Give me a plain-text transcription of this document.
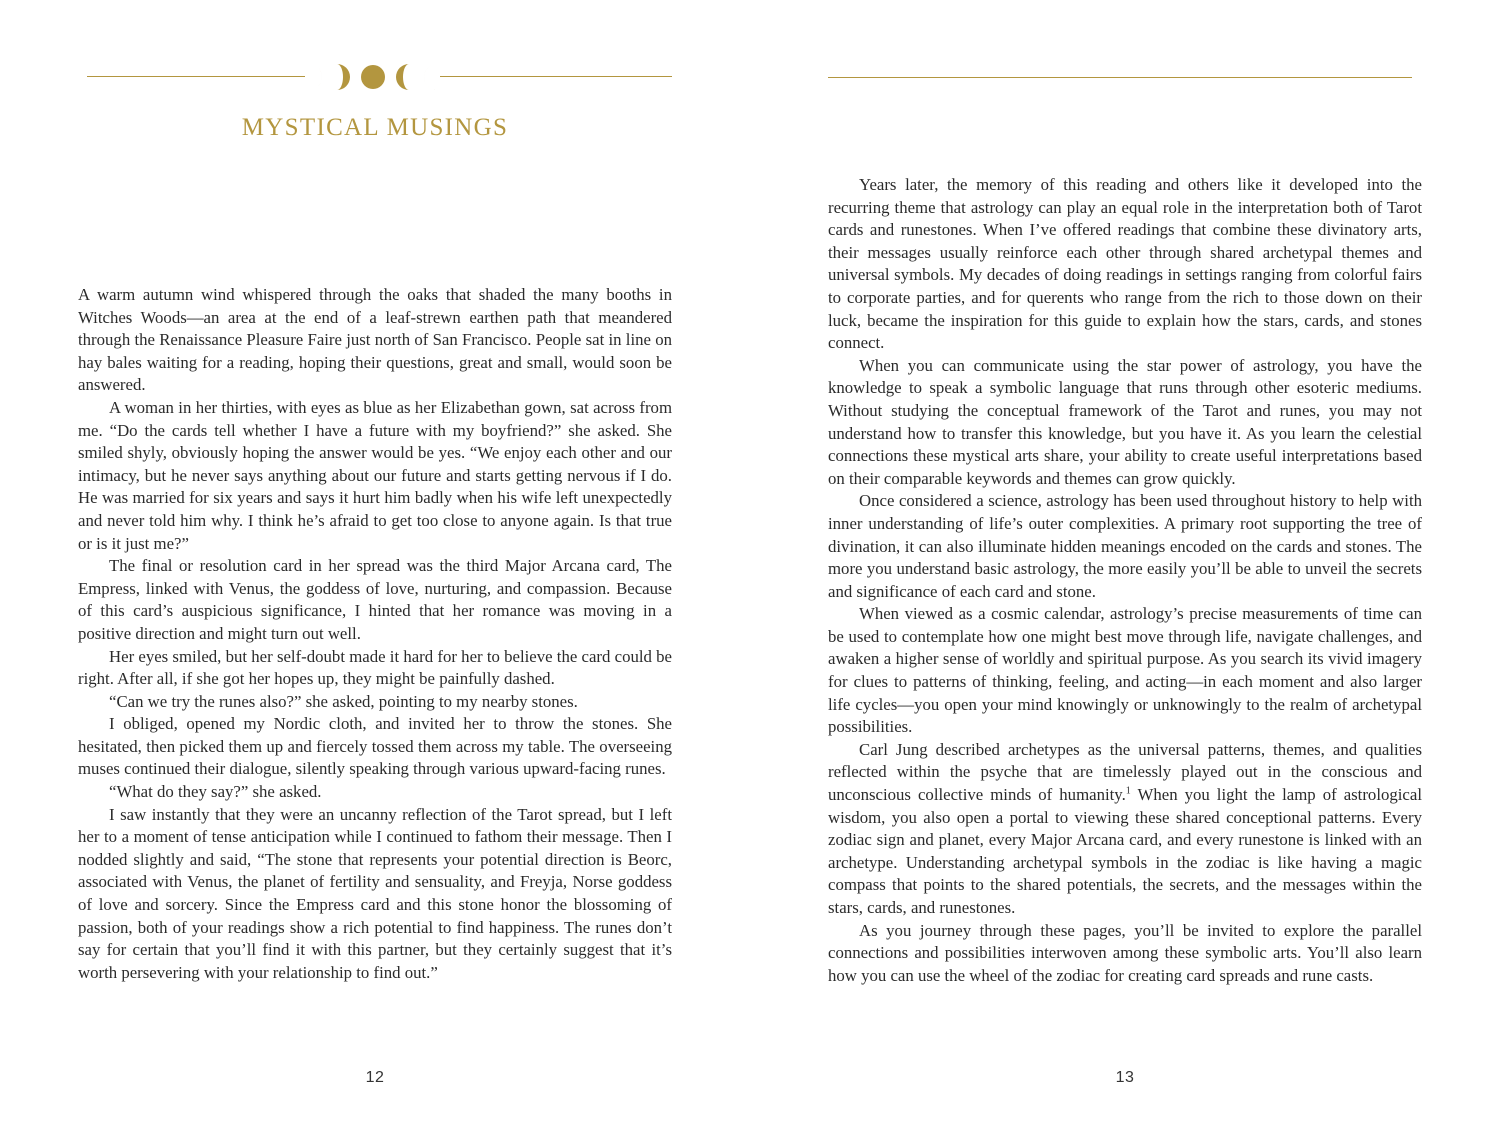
MYSTICAL MUSINGS

A warm autumn wind whispered through the oaks that shaded the many booths in Witches Woods—an area at the end of a leaf-strewn earthen path that meandered through the Renaissance Pleasure Faire just north of San Francisco. People sat in line on hay bales waiting for a reading, hoping their questions, great and small, would soon be answered.

A woman in her thirties, with eyes as blue as her Elizabethan gown, sat across from me. “Do the cards tell whether I have a future with my boyfriend?” she asked. She smiled shyly, obviously hoping the answer would be yes. “We enjoy each other and our intimacy, but he never says anything about our future and starts getting nervous if I do. He was married for six years and says it hurt him badly when his wife left unexpectedly and never told him why. I think he’s afraid to get too close to anyone again. Is that true or is it just me?”

The final or resolution card in her spread was the third Major Arcana card, The Empress, linked with Venus, the goddess of love, nurturing, and compassion. Because of this card’s auspicious significance, I hinted that her romance was moving in a positive direction and might turn out well.

Her eyes smiled, but her self-doubt made it hard for her to believe the card could be right. After all, if she got her hopes up, they might be painfully dashed.

“Can we try the runes also?” she asked, pointing to my nearby stones.

I obliged, opened my Nordic cloth, and invited her to throw the stones. She hesitated, then picked them up and fiercely tossed them across my table. The overseeing muses continued their dialogue, silently speaking through various upward-facing runes.

“What do they say?” she asked.

I saw instantly that they were an uncanny reflection of the Tarot spread, but I left her to a moment of tense anticipation while I continued to fathom their message. Then I nodded slightly and said, “The stone that represents your potential direction is Beorc, associated with Venus, the planet of fertility and sensuality, and Freyja, Norse goddess of love and sorcery. Since the Empress card and this stone honor the blossoming of passion, both of your readings show a rich potential to find happiness. The runes don’t say for certain that you’ll find it with this partner, but they certainly suggest that it’s worth persevering with your relationship to find out.”

12

Years later, the memory of this reading and others like it developed into the recurring theme that astrology can play an equal role in the interpretation both of Tarot cards and runestones. When I’ve offered readings that combine these divinatory arts, their messages usually reinforce each other through shared archetypal themes and universal symbols. My decades of doing readings in settings ranging from colorful fairs to corporate parties, and for querents who range from the rich to those down on their luck, became the inspiration for this guide to explain how the stars, cards, and stones connect.

When you can communicate using the star power of astrology, you have the knowledge to speak a symbolic language that runs through other esoteric mediums. Without studying the conceptual framework of the Tarot and runes, you may not understand how to transfer this knowledge, but you have it. As you learn the celestial connections these mystical arts share, your ability to create useful interpretations based on their comparable keywords and themes can grow quickly.

Once considered a science, astrology has been used throughout history to help with inner understanding of life’s outer complexities. A primary root supporting the tree of divination, it can also illuminate hidden meanings encoded on the cards and stones. The more you understand basic astrology, the more easily you’ll be able to unveil the secrets and significance of each card and stone.

When viewed as a cosmic calendar, astrology’s precise measurements of time can be used to contemplate how one might best move through life, navigate challenges, and awaken a higher sense of worldly and spiritual purpose. As you search its vivid imagery for clues to patterns of thinking, feeling, and acting—in each moment and also larger life cycles—you open your mind knowingly or unknowingly to the realm of archetypal possibilities.

Carl Jung described archetypes as the universal patterns, themes, and qualities reflected within the psyche that are timelessly played out in the conscious and unconscious collective minds of humanity.$^1$ When you light the lamp of astrological wisdom, you also open a portal to viewing these shared conceptional patterns. Every zodiac sign and planet, every Major Arcana card, and every runestone is linked with an archetype. Understanding archetypal symbols in the zodiac is like having a magic compass that points to the shared potentials, the secrets, and the messages within the stars, cards, and runestones.

As you journey through these pages, you’ll be invited to explore the parallel connections and possibilities interwoven among these symbolic arts. You’ll also learn how you can use the wheel of the zodiac for creating card spreads and rune casts.

13
